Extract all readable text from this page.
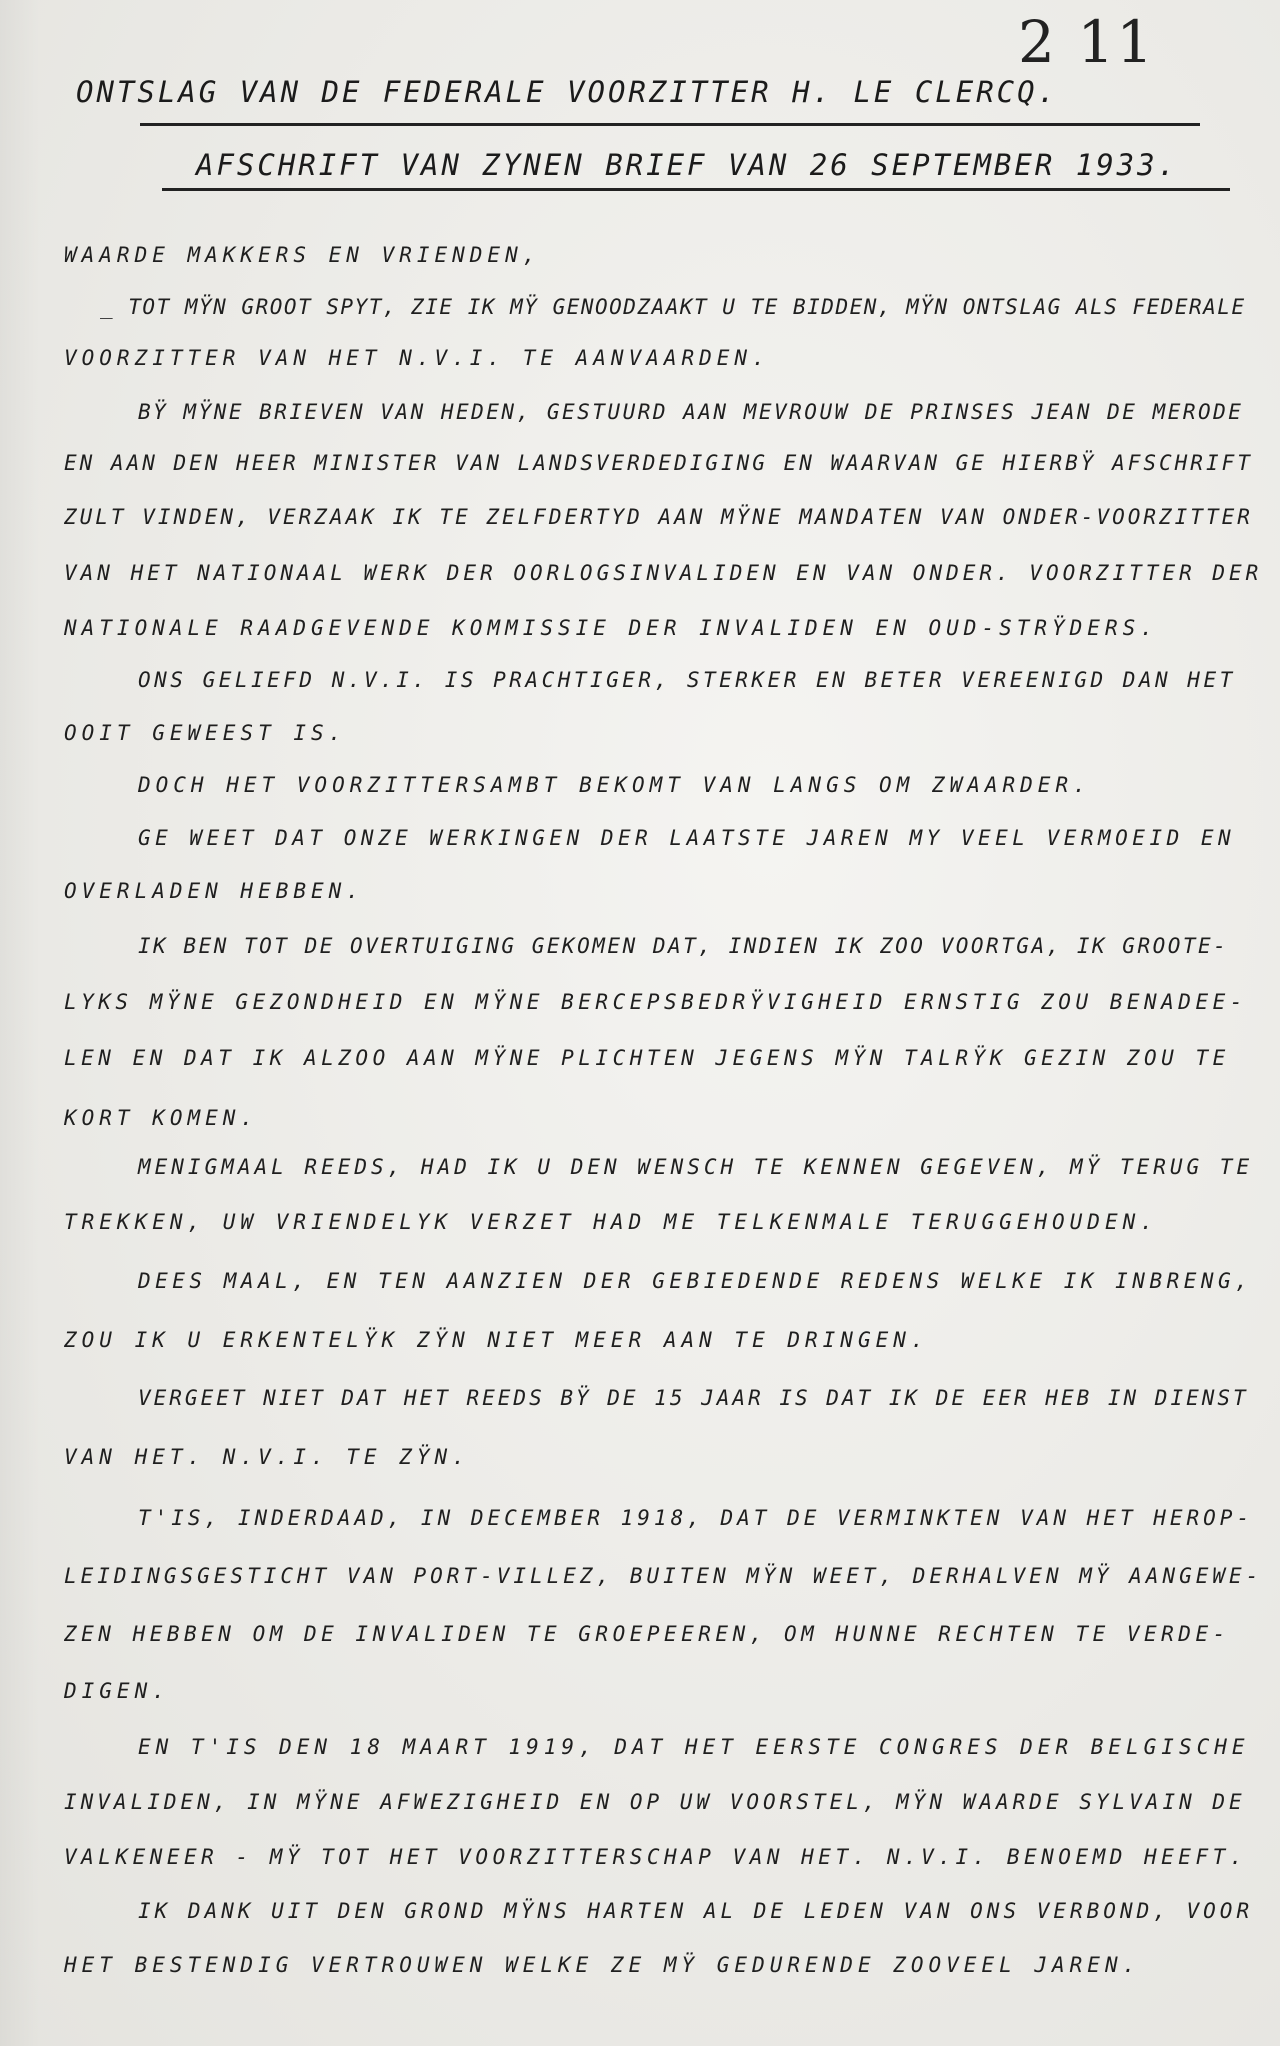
2 11
ONTSLAG VAN DE FEDERALE VOORZITTER H. LE CLERCQ.
AFSCHRIFT VAN ZYNEN BRIEF VAN 26 SEPTEMBER 1933.
WAARDE MAKKERS EN VRIENDEN,
_ TOT MŸN GROOT SPYT, ZIE IK MŸ GENOODZAAKT U TE BIDDEN, MŸN ONTSLAG ALS FEDERALE
VOORZITTER VAN HET N.V.I. TE AANVAARDEN.
BŸ MŸNE BRIEVEN VAN HEDEN, GESTUURD AAN MEVROUW DE PRINSES JEAN DE MERODE
EN AAN DEN HEER MINISTER VAN LANDSVERDEDIGING EN WAARVAN GE HIERBŸ AFSCHRIFT
ZULT VINDEN, VERZAAK IK TE ZELFDERTYD AAN MŸNE MANDATEN VAN ONDER-VOORZITTER
VAN HET NATIONAAL WERK DER OORLOGSINVALIDEN EN VAN ONDER. VOORZITTER DER
NATIONALE RAADGEVENDE KOMMISSIE DER INVALIDEN EN OUD-STRŸDERS.
ONS GELIEFD N.V.I. IS PRACHTIGER, STERKER EN BETER VEREENIGD DAN HET
OOIT GEWEEST IS.
DOCH HET VOORZITTERSAMBT BEKOMT VAN LANGS OM ZWAARDER.
GE WEET DAT ONZE WERKINGEN DER LAATSTE JAREN MY VEEL VERMOEID EN
OVERLADEN HEBBEN.
IK BEN TOT DE OVERTUIGING GEKOMEN DAT, INDIEN IK ZOO VOORTGA, IK GROOTE-
LYKS MŸNE GEZONDHEID EN MŸNE BERCEPSBEDRŸVIGHEID ERNSTIG ZOU BENADEE-
LEN EN DAT IK ALZOO AAN MŸNE PLICHTEN JEGENS MŸN TALRŸK GEZIN ZOU TE
KORT KOMEN.
MENIGMAAL REEDS, HAD IK U DEN WENSCH TE KENNEN GEGEVEN, MŸ TERUG TE
TREKKEN, UW VRIENDELYK VERZET HAD ME TELKENMALE TERUGGEHOUDEN.
DEES MAAL, EN TEN AANZIEN DER GEBIEDENDE REDENS WELKE IK INBRENG,
ZOU IK U ERKENTELŸK ZŸN NIET MEER AAN TE DRINGEN.
VERGEET NIET DAT HET REEDS BŸ DE 15 JAAR IS DAT IK DE EER HEB IN DIENST
VAN HET. N.V.I. TE ZŸN.
T'IS, INDERDAAD, IN DECEMBER 1918, DAT DE VERMINKTEN VAN HET HEROP-
LEIDINGSGESTICHT VAN PORT-VILLEZ, BUITEN MŸN WEET, DERHALVEN MŸ AANGEWE-
ZEN HEBBEN OM DE INVALIDEN TE GROEPEEREN, OM HUNNE RECHTEN TE VERDE-
DIGEN.
EN T'IS DEN 18 MAART 1919, DAT HET EERSTE CONGRES DER BELGISCHE
INVALIDEN, IN MŸNE AFWEZIGHEID EN OP UW VOORSTEL, MŸN WAARDE SYLVAIN DE
VALKENEER - MŸ TOT HET VOORZITTERSCHAP VAN HET. N.V.I. BENOEMD HEEFT.
IK DANK UIT DEN GROND MŸNS HARTEN AL DE LEDEN VAN ONS VERBOND, VOOR
HET BESTENDIG VERTROUWEN WELKE ZE MŸ GEDURENDE ZOOVEEL JAREN.
